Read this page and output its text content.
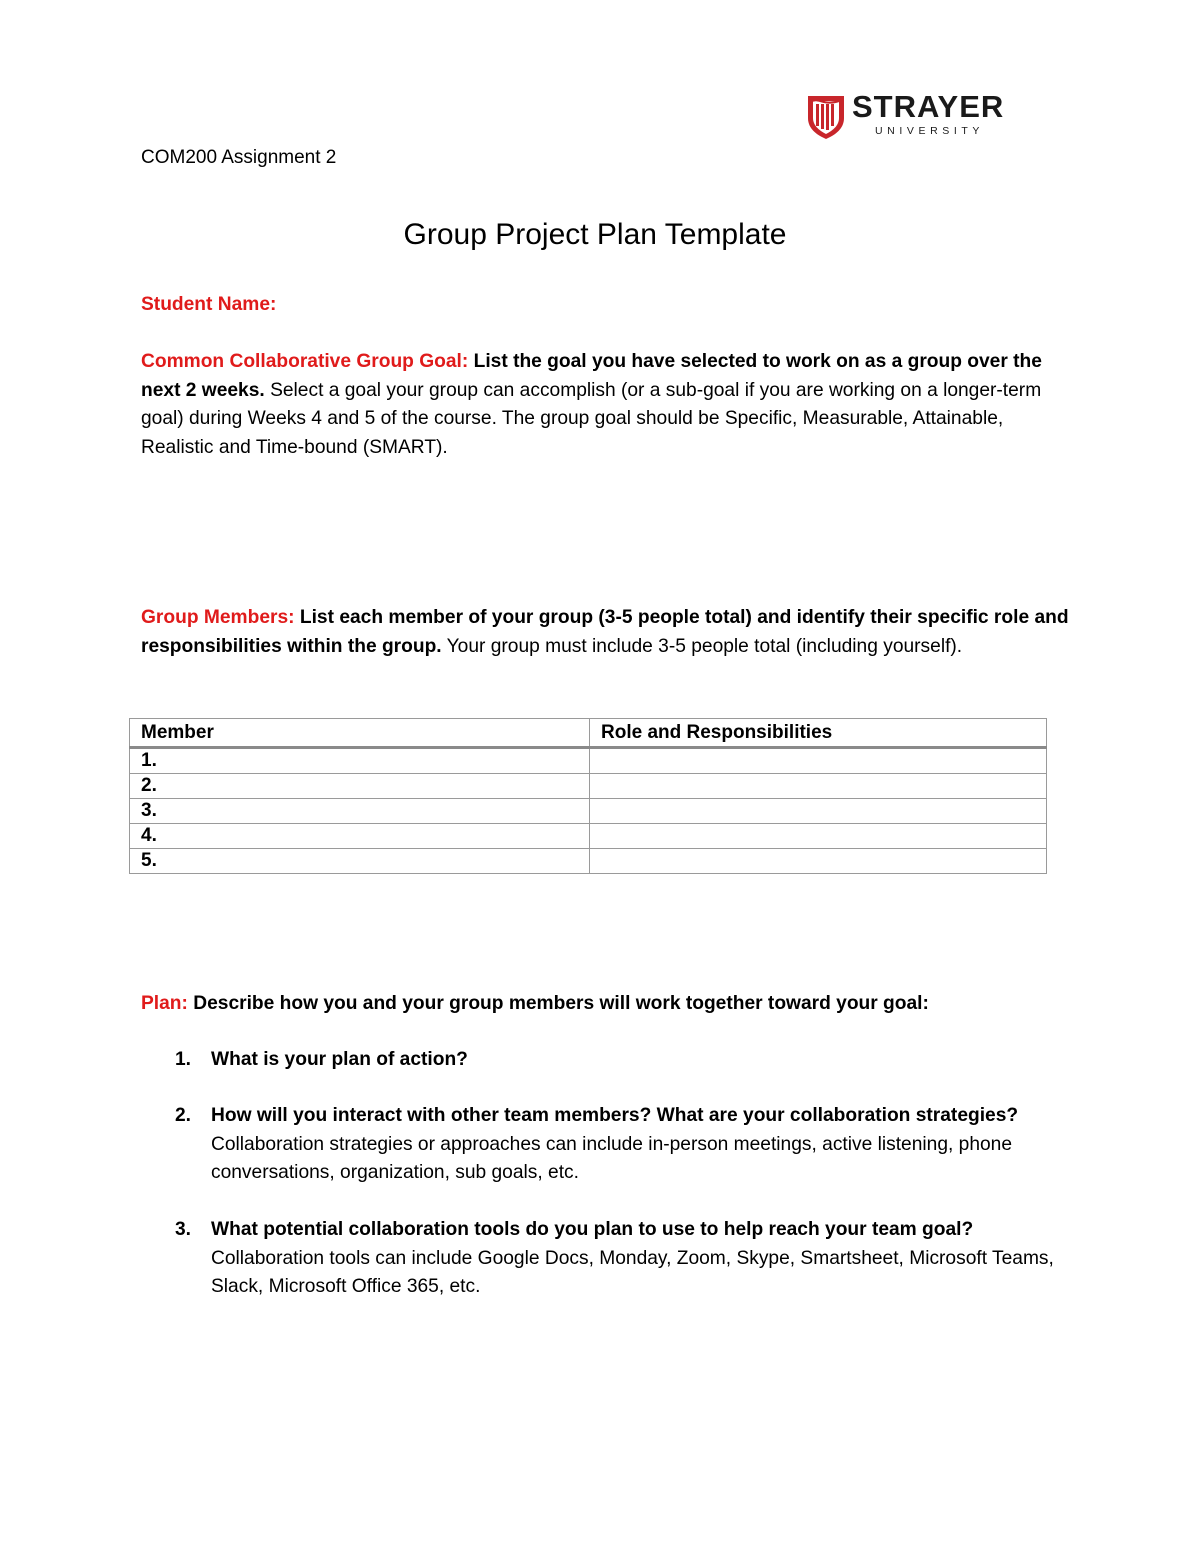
STRAYER
UNIVERSITY
COM200 Assignment 2
Group Project Plan Template

Student Name:

Common Collaborative Group Goal: List the goal you have selected to work on as a group over the next 2 weeks. Select a goal your group can accomplish (or a sub-goal if you are working on a longer-term goal) during Weeks 4 and 5 of the course. The group goal should be Specific, Measurable, Attainable, Realistic and Time-bound (SMART).

Group Members: List each member of your group (3-5 people total) and identify their specific role and responsibilities within the group. Your group must include 3-5 people total (including yourself).

Member	Role and Responsibilities
1.	
2.	
3.	
4.	
5.	

Plan: Describe how you and your group members will work together toward your goal:

1. What is your plan of action?
2. How will you interact with other team members? What are your collaboration strategies? Collaboration strategies or approaches can include in-person meetings, active listening, phone conversations, organization, sub goals, etc.
3. What potential collaboration tools do you plan to use to help reach your team goal? Collaboration tools can include Google Docs, Monday, Zoom, Skype, Smartsheet, Microsoft Teams, Slack, Microsoft Office 365, etc.
